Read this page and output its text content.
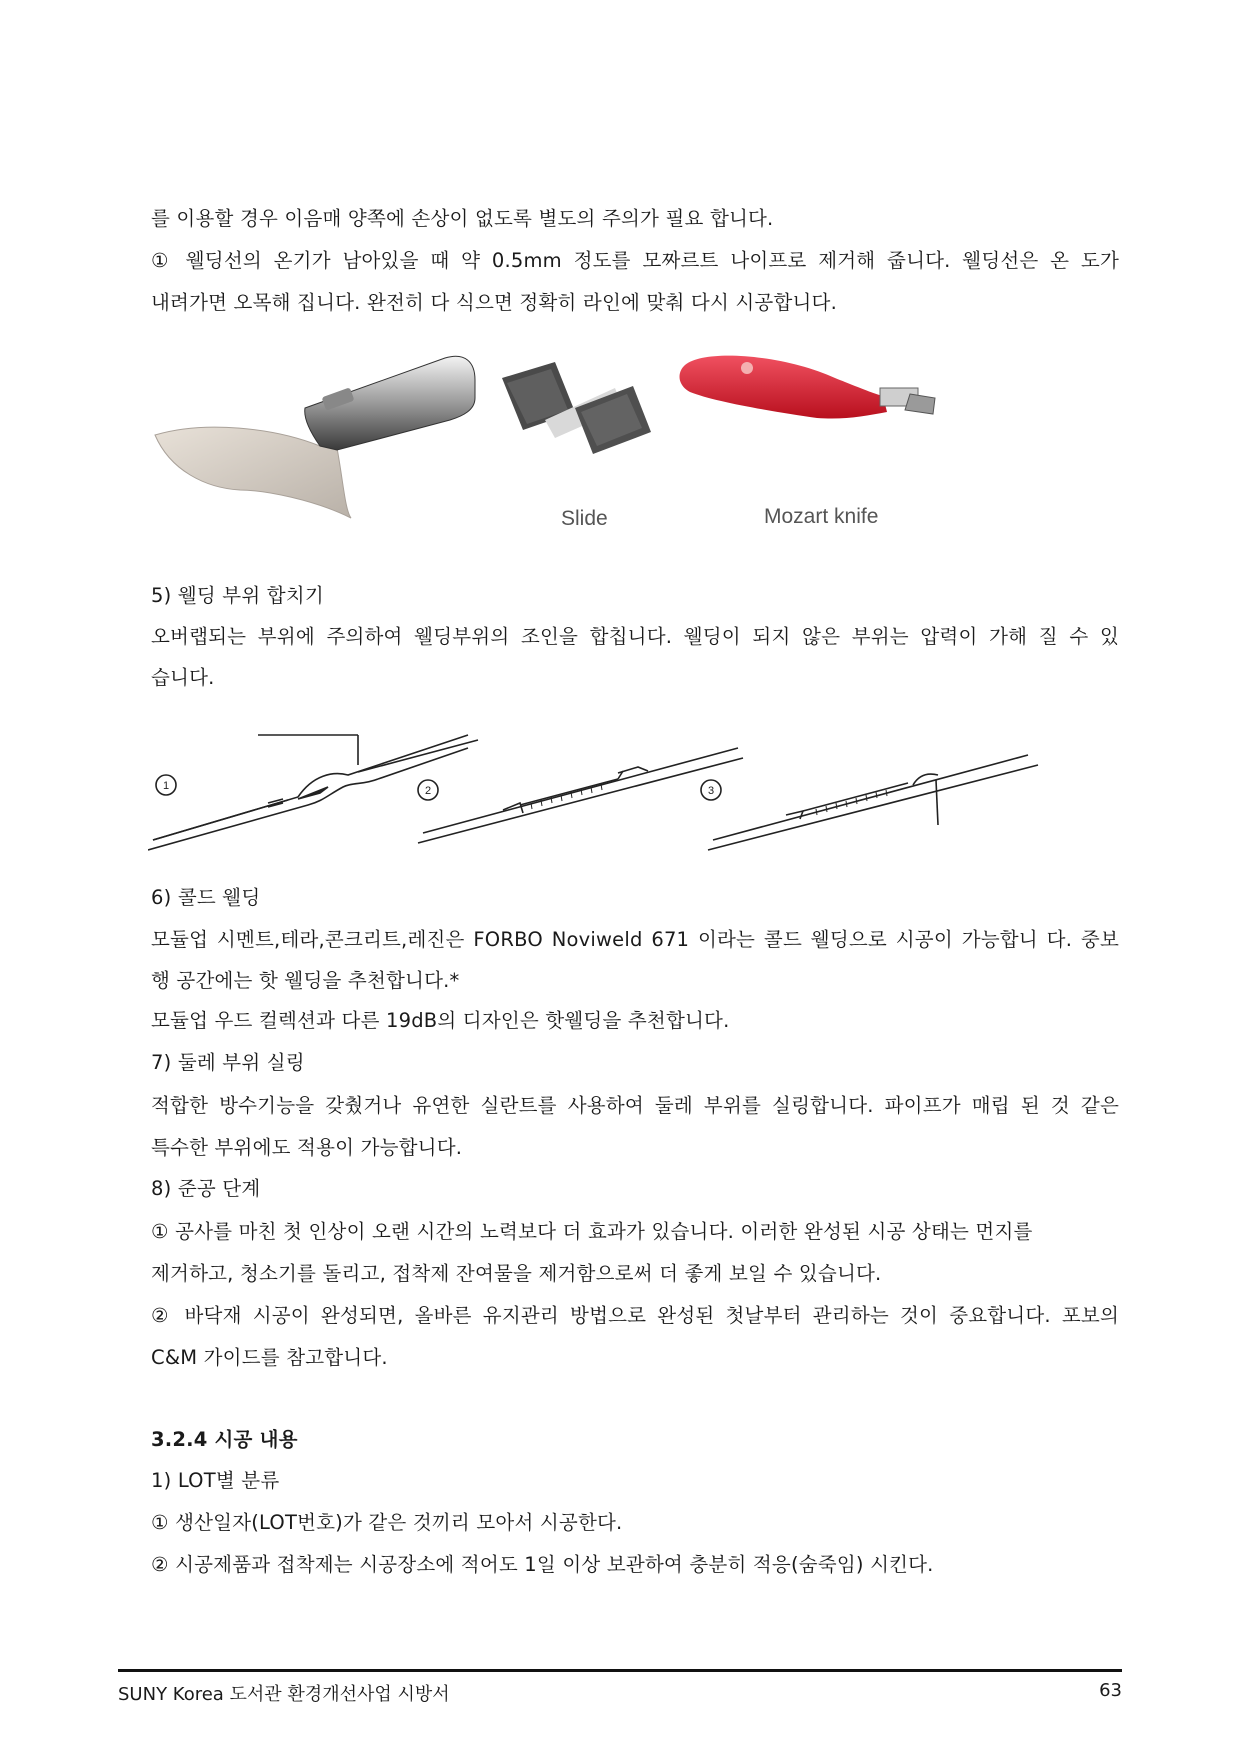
를 이용할 경우 이음매 양쪽에 손상이 없도록 별도의 주의가 필요 합니다.
① 웰딩선의 온기가 남아있을 때 약 0.5mm 정도를 모짜르트 나이프로 제거해 줍니다. 웰딩선은 온 도가
내려가면 오목해 집니다. 완전히 다 식으면 정확히 라인에 맞춰 다시 시공합니다.
Slide	Mozart knife
5) 웰딩 부위 합치기
오버랩되는 부위에 주의하여 웰딩부위의 조인을 합칩니다. 웰딩이 되지 않은 부위는 압력이 가해 질 수 있
습니다.
1	2	3
6) 콜드 웰딩
모듈업 시멘트,테라,콘크리트,레진은 FORBO Noviweld 671 이라는 콜드 웰딩으로 시공이 가능합니 다. 중보
행 공간에는 핫 웰딩을 추천합니다.*
모듈업 우드 컬렉션과 다른 19dB의 디자인은 핫웰딩을 추천합니다.
7) 둘레 부위 실링
적합한 방수기능을 갖췄거나 유연한 실란트를 사용하여 둘레 부위를 실링합니다. 파이프가 매립 된 것 같은
특수한 부위에도 적용이 가능합니다.
8) 준공 단계
① 공사를 마친 첫 인상이 오랜 시간의 노력보다 더 효과가 있습니다. 이러한 완성된 시공 상태는 먼지를
제거하고, 청소기를 돌리고, 접착제 잔여물을 제거함으로써 더 좋게 보일 수 있습니다.
② 바닥재 시공이 완성되면, 올바른 유지관리 방법으로 완성된 첫날부터 관리하는 것이 중요합니다. 포보의
C&M 가이드를 참고합니다.
3.2.4 시공 내용
1) LOT별 분류
① 생산일자(LOT번호)가 같은 것끼리 모아서 시공한다.
② 시공제품과 접착제는 시공장소에 적어도 1일 이상 보관하여 충분히 적응(숨죽임) 시킨다.
SUNY Korea 도서관 환경개선사업 시방서	63
